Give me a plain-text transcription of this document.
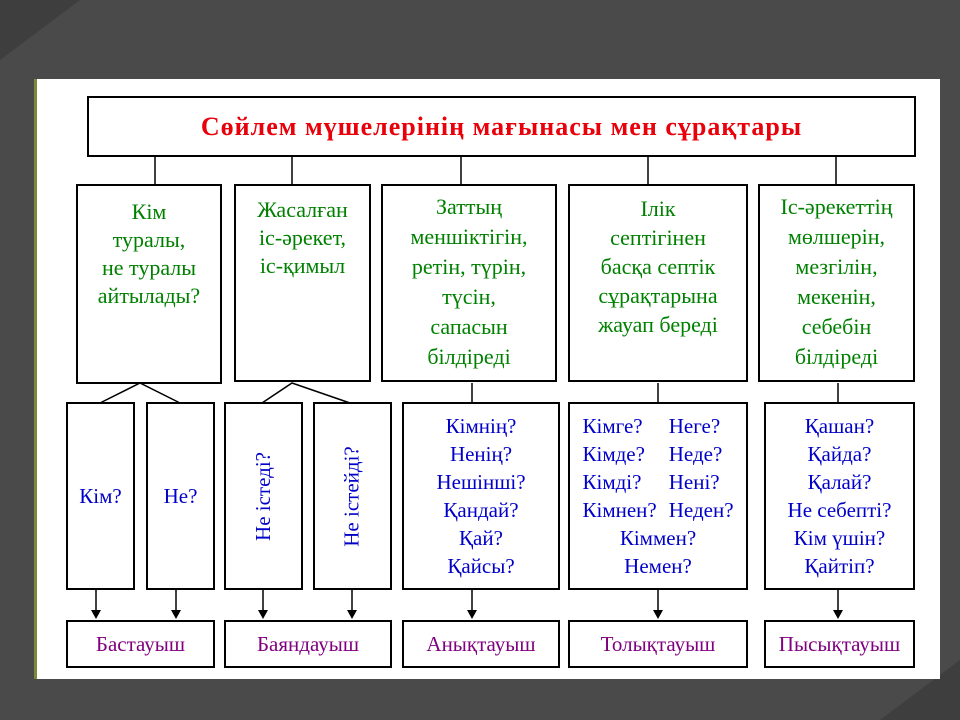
Сөйлем мүшелерінің мағынасы мен сұрақтары
Кім
туралы,
не туралы
айтылады?
Жасалған
іс-әрекет,
іс-қимыл
Заттың
меншіктігін,
ретін, түрін,
түсін,
сапасын
білдіреді
Ілік
септігінен
басқа септік
сұрақтарына
жауап береді
Іс-әрекеттің
мөлшерін,
мезгілін,
мекенін,
себебін
білдіреді
Кім? Не?	Не істеді?	Не істейді?
Кімнің?
Ненің?
Нешінші?
Қандай?
Қай?
Қайсы?
Кімге?	Неге?
Кімде?	Неде?
Кімді?	Нені?
Кімнен? Неден?
Кіммен?
Немен?
Қашан?
Қайда?
Қалай?
Не себепті?
Кім үшін?
Қайтіп?
Бастауыш	Баяндауыш	Анықтауыш	Толықтауыш	Пысықтауыш
